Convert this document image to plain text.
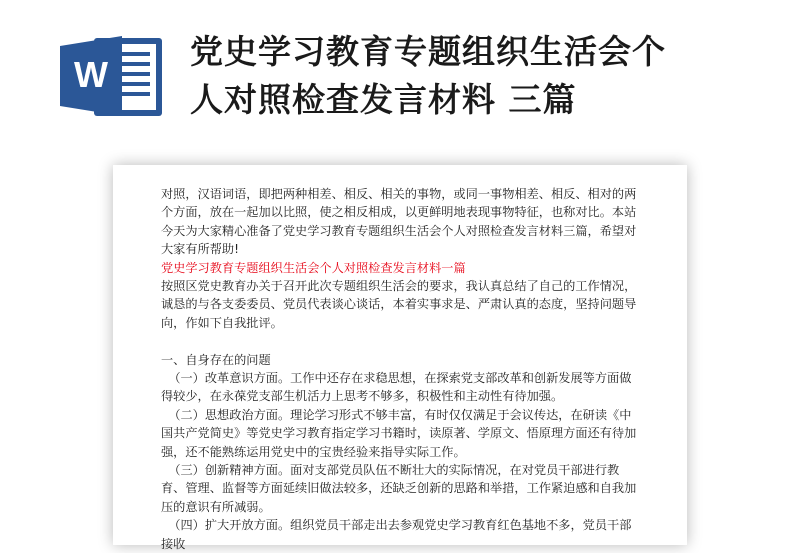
W
党史学习教育专题组织生活会个
人对照检查发言材料 三篇

对照，汉语词语，即把两种相差、相反、相关的事物，或同一事物相差、相反、相对的两个方面，放在一起加以比照，使之相反相成，以更鲜明地表现事物特征，也称对比。本站今天为大家精心准备了党史学习教育专题组织生活会个人对照检查发言材料三篇，希望对大家有所帮助!

党史学习教育专题组织生活会个人对照检查发言材料一篇

按照区党史教育办关于召开此次专题组织生活会的要求，我认真总结了自己的工作情况，诚恳的与各支委委员、党员代表谈心谈话，本着实事求是、严肃认真的态度，坚持问题导向，作如下自我批评。

一、自身存在的问题

（一）改革意识方面。工作中还存在求稳思想，在探索党支部改革和创新发展等方面做得较少，在永葆党支部生机活力上思考不够多，积极性和主动性有待加强。

（二）思想政治方面。理论学习形式不够丰富，有时仅仅满足于会议传达，在研读《中国共产党简史》等党史学习教育指定学习书籍时，读原著、学原文、悟原理方面还有待加强，还不能熟练运用党史中的宝贵经验来指导实际工作。

（三）创新精神方面。面对支部党员队伍不断壮大的实际情况，在对党员干部进行教育、管理、监督等方面延续旧做法较多，还缺乏创新的思路和举措，工作紧迫感和自我加压的意识有所减弱。

（四）扩大开放方面。组织党员干部走出去参观党史学习教育红色基地不多，党员干部接收
